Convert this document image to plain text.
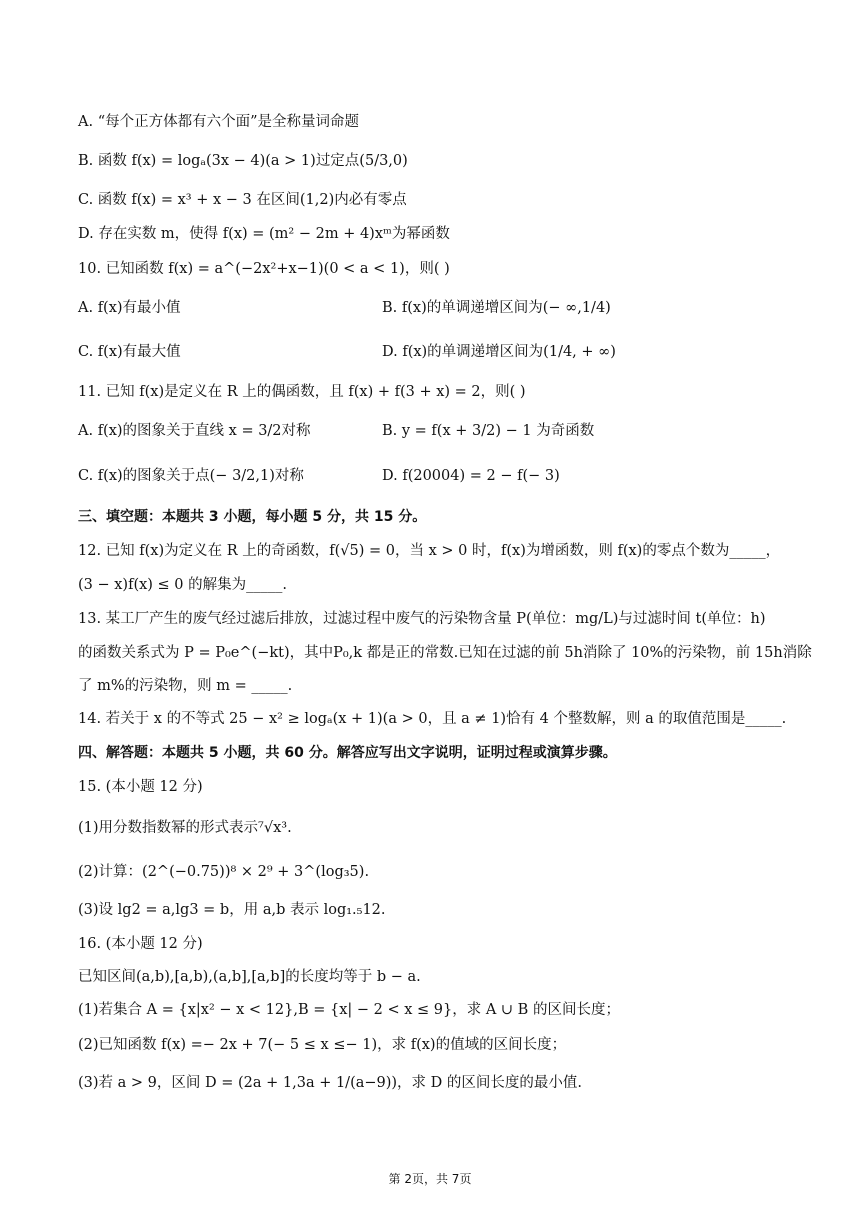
A. “每个正方体都有六个面”是全称量词命题
B. 函数 f(x) = logₐ(3x − 4)(a > 1)过定点(5/3,0)
C. 函数 f(x) = x³ + x − 3 在区间(1,2)内必有零点
D. 存在实数 m，使得 f(x) = (m² − 2m + 4)xᵐ为幂函数
10. 已知函数 f(x) = a^(−2x²+x−1)(0 < a < 1)，则( )
A. f(x)有最小值	B. f(x)的单调递增区间为(− ∞,1/4)
C. f(x)有最大值	D. f(x)的单调递增区间为(1/4, + ∞)
11. 已知 f(x)是定义在 R 上的偶函数，且 f(x) + f(3 + x) = 2，则( )
A. f(x)的图象关于直线 x = 3/2对称	B. y = f(x + 3/2) − 1 为奇函数
C. f(x)的图象关于点(− 3/2,1)对称	D. f(20004) = 2 − f(− 3)
三、填空题：本题共 3 小题，每小题 5 分，共 15 分。
12. 已知 f(x)为定义在 R 上的奇函数，f(√5) = 0，当 x > 0 时，f(x)为增函数，则 f(x)的零点个数为_____，
(3 − x)f(x) ≤ 0 的解集为_____.
13. 某工厂产生的废气经过滤后排放，过滤过程中废气的污染物含量 P(单位：mg/L)与过滤时间 t(单位：h)
的函数关系式为 P = P₀e^(−kt)，其中P₀,k 都是正的常数.已知在过滤的前 5h消除了 10%的污染物，前 15h消除
了 m%的污染物，则 m = _____.
14. 若关于 x 的不等式 25 − x² ≥ logₐ(x + 1)(a > 0，且 a ≠ 1)恰有 4 个整数解，则 a 的取值范围是_____.
四、解答题：本题共 5 小题，共 60 分。解答应写出文字说明，证明过程或演算步骤。
15. (本小题 12 分)
(1)用分数指数幂的形式表示⁷√x³.
(2)计算：(2^(−0.75))⁸ × 2⁹ + 3^(log₃5).
(3)设 lg2 = a,lg3 = b，用 a,b 表示 log₁.₅12.
16. (本小题 12 分)
已知区间(a,b),[a,b),(a,b],[a,b]的长度均等于 b − a.
(1)若集合 A = {x|x² − x < 12},B = {x| − 2 < x ≤ 9}，求 A ∪ B 的区间长度；
(2)已知函数 f(x) =− 2x + 7(− 5 ≤ x ≤− 1)，求 f(x)的值域的区间长度；
(3)若 a > 9，区间 D = (2a + 1,3a + 1/(a−9))，求 D 的区间长度的最小值.
第 2页，共 7页
